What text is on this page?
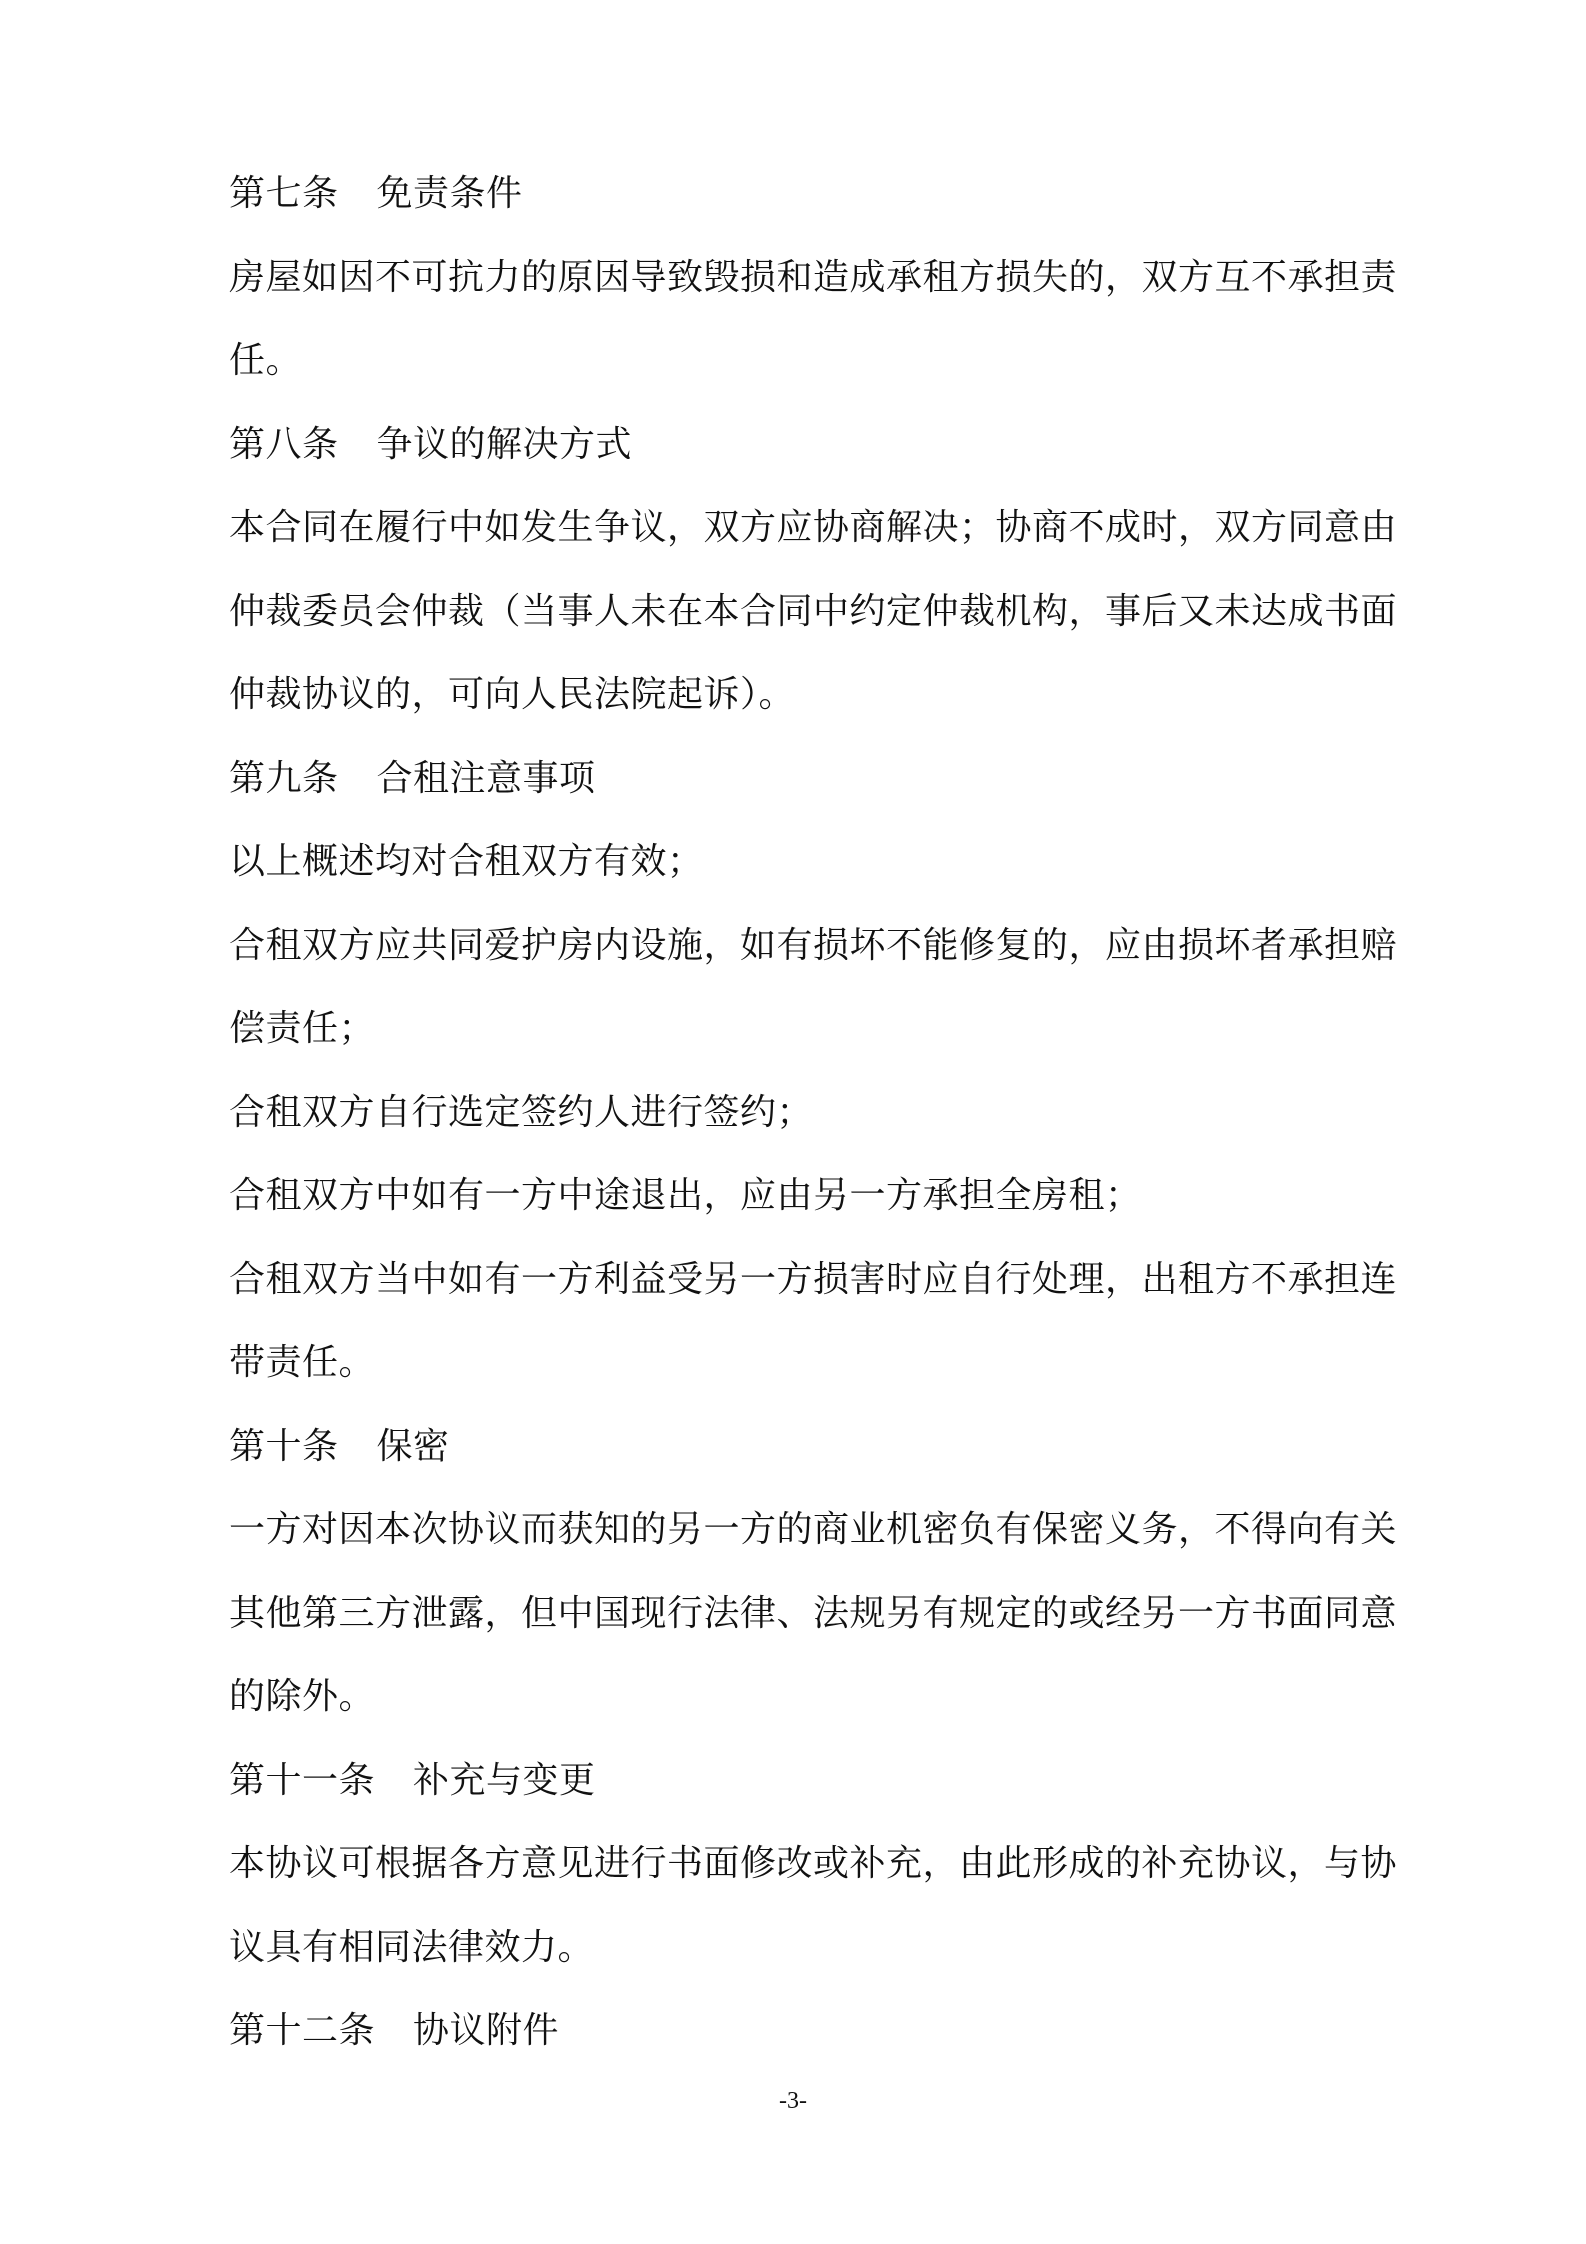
第七条 免责条件
房屋如因不可抗力的原因导致毁损和造成承租方损失的，双方互不承担责
任。
第八条 争议的解决方式
本合同在履行中如发生争议，双方应协商解决；协商不成时，双方同意由
仲裁委员会仲裁（当事人未在本合同中约定仲裁机构，事后又未达成书面
仲裁协议的，可向人民法院起诉）。
第九条 合租注意事项
以上概述均对合租双方有效；
合租双方应共同爱护房内设施，如有损坏不能修复的，应由损坏者承担赔
偿责任；
合租双方自行选定签约人进行签约；
合租双方中如有一方中途退出，应由另一方承担全房租；
合租双方当中如有一方利益受另一方损害时应自行处理，出租方不承担连
带责任。
第十条 保密
一方对因本次协议而获知的另一方的商业机密负有保密义务，不得向有关
其他第三方泄露，但中国现行法律、法规另有规定的或经另一方书面同意
的除外。
第十一条 补充与变更
本协议可根据各方意见进行书面修改或补充，由此形成的补充协议，与协
议具有相同法律效力。
第十二条 协议附件
-3-
